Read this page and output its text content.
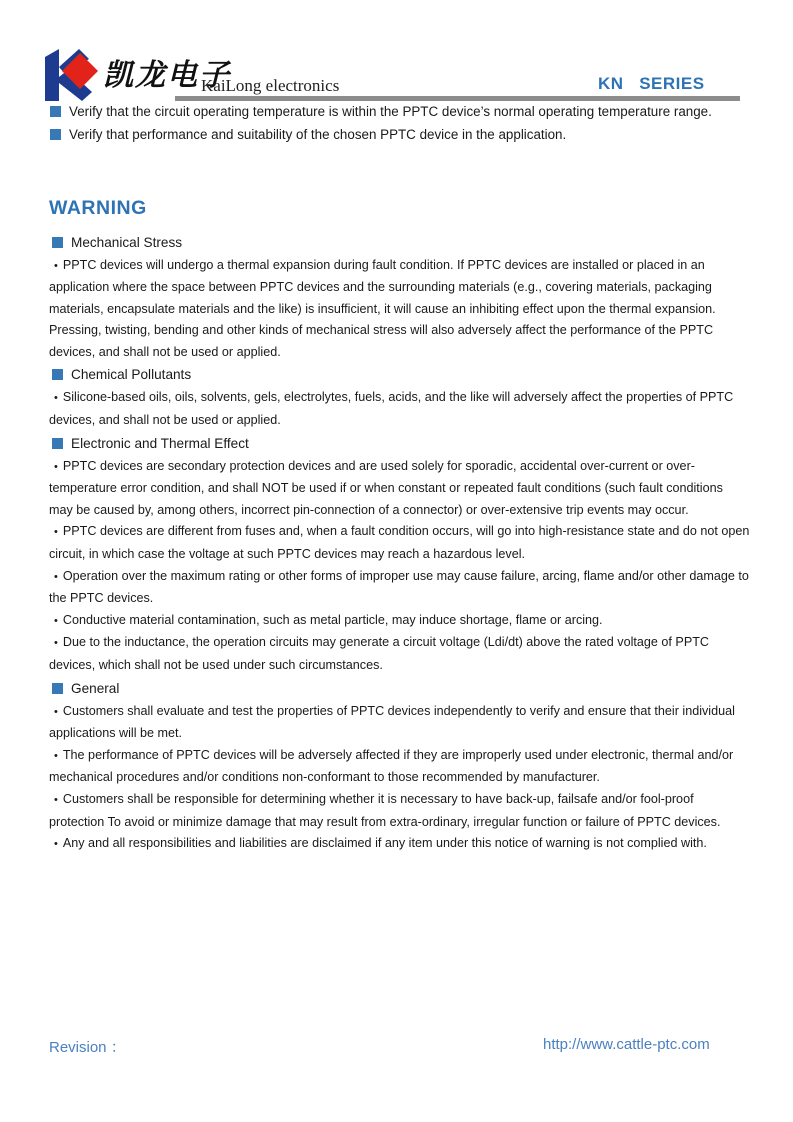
凯龙电子
KaiLong electronics	KN   SERIES
Verify that the circuit operating temperature is within the PPTC device’s normal operating temperature range.
Verify that performance and suitability of the chosen PPTC device in the application.
WARNING
Mechanical Stress

• PPTC devices will undergo a thermal expansion during fault condition. If PPTC devices are installed or placed in an application where the space between PPTC devices and the surrounding materials (e.g., covering materials, packaging materials, encapsulate materials and the like) is insufficient, it will cause an inhibiting effect upon the thermal expansion. Pressing, twisting, bending and other kinds of mechanical stress will also adversely affect the performance of the PPTC devices, and shall not be used or applied.

Chemical Pollutants

• Silicone-based oils, oils, solvents, gels, electrolytes, fuels, acids, and the like will adversely affect the properties of PPTC devices, and shall not be used or applied.

Electronic and Thermal Effect

• PPTC devices are secondary protection devices and are used solely for sporadic, accidental over-current or over-temperature error condition, and shall NOT be used if or when constant or repeated fault conditions (such fault conditions may be caused by, among others, incorrect pin-connection of a connector) or over-extensive trip events may occur.

• PPTC devices are different from fuses and, when a fault condition occurs, will go into high-resistance state and do not open circuit, in which case the voltage at such PPTC devices may reach a hazardous level.

• Operation over the maximum rating or other forms of improper use may cause failure, arcing, flame and/or other damage to the PPTC devices.

• Conductive material contamination, such as metal particle, may induce shortage, flame or arcing.

• Due to the inductance, the operation circuits may generate a circuit voltage (Ldi/dt) above the rated voltage of PPTC devices, which shall not be used under such circumstances.

General

• Customers shall evaluate and test the properties of PPTC devices independently to verify and ensure that their individual applications will be met.

• The performance of PPTC devices will be adversely affected if they are improperly used under electronic, thermal and/or mechanical procedures and/or conditions non-conformant to those recommended by manufacturer.

• Customers shall be responsible for determining whether it is necessary to have back-up, failsafe and/or fool-proof protection To avoid or minimize damage that may result from extra-ordinary, irregular function or failure of PPTC devices.

• Any and all responsibilities and liabilities are disclaimed if any item under this notice of warning is not complied with.

Revision ：	http://www.cattle-ptc.com
